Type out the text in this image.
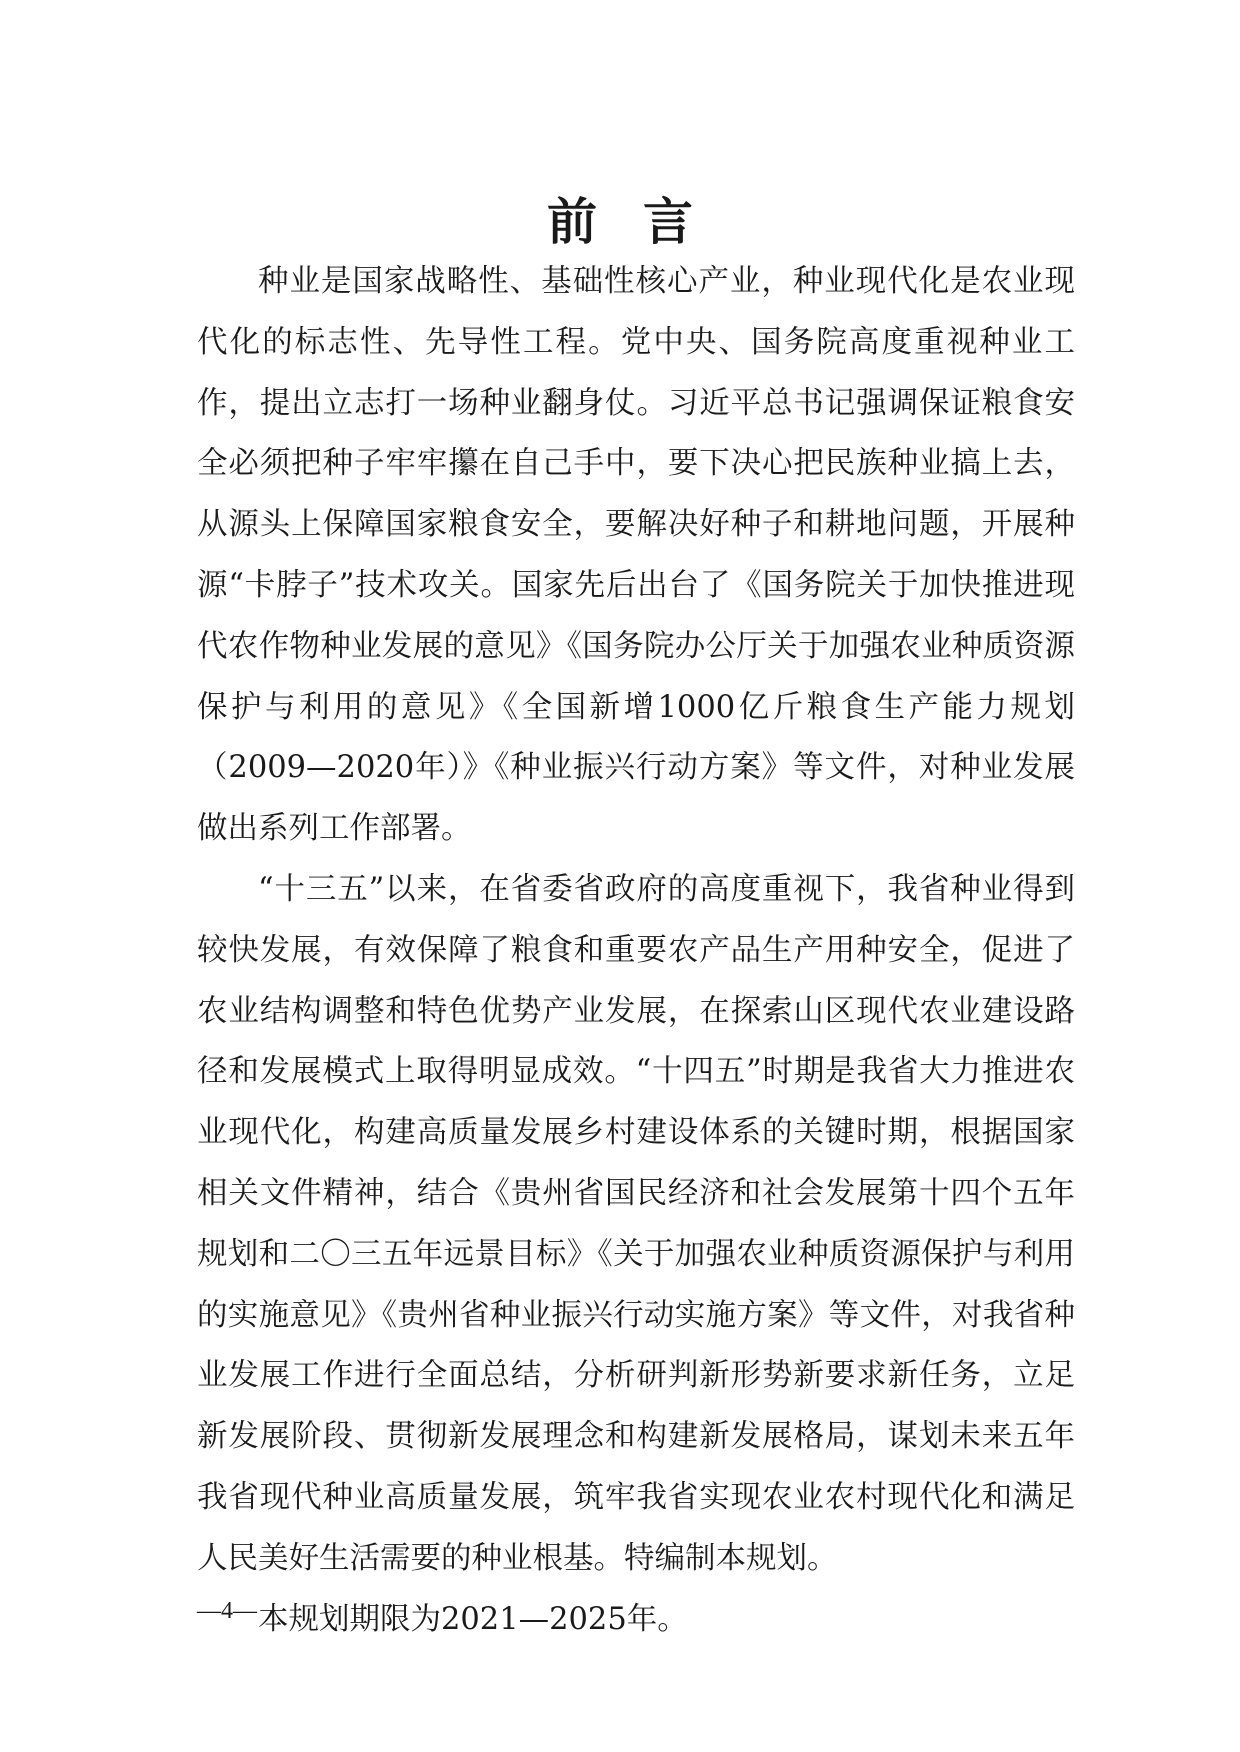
前言

种业是国家战略性、基础性核心产业，种业现代化是农业现代化的标志性、先导性工程。党中央、国务院高度重视种业工作，提出立志打一场种业翻身仗。习近平总书记强调保证粮食安全必须把种子牢牢攥在自己手中，要下决心把民族种业搞上去，从源头上保障国家粮食安全，要解决好种子和耕地问题，开展种源“卡脖子”技术攻关。国家先后出台了《国务院关于加快推进现代农作物种业发展的意见》《国务院办公厅关于加强农业种质资源保护与利用的意见》《全国新增1000亿斤粮食生产能力规划（2009—2020年）》《种业振兴行动方案》等文件，对种业发展做出系列工作部署。

“十三五”以来，在省委省政府的高度重视下，我省种业得到较快发展，有效保障了粮食和重要农产品生产用种安全，促进了农业结构调整和特色优势产业发展，在探索山区现代农业建设路径和发展模式上取得明显成效。“十四五”时期是我省大力推进农业现代化，构建高质量发展乡村建设体系的关键时期，根据国家相关文件精神，结合《贵州省国民经济和社会发展第十四个五年规划和二〇三五年远景目标》《关于加强农业种质资源保护与利用的实施意见》《贵州省种业振兴行动实施方案》等文件，对我省种业发展工作进行全面总结，分析研判新形势新要求新任务，立足新发展阶段、贯彻新发展理念和构建新发展格局，谋划未来五年我省现代种业高质量发展，筑牢我省实现农业农村现代化和满足人民美好生活需要的种业根基。特编制本规划。

本规划期限为2021—2025年。

—4—
